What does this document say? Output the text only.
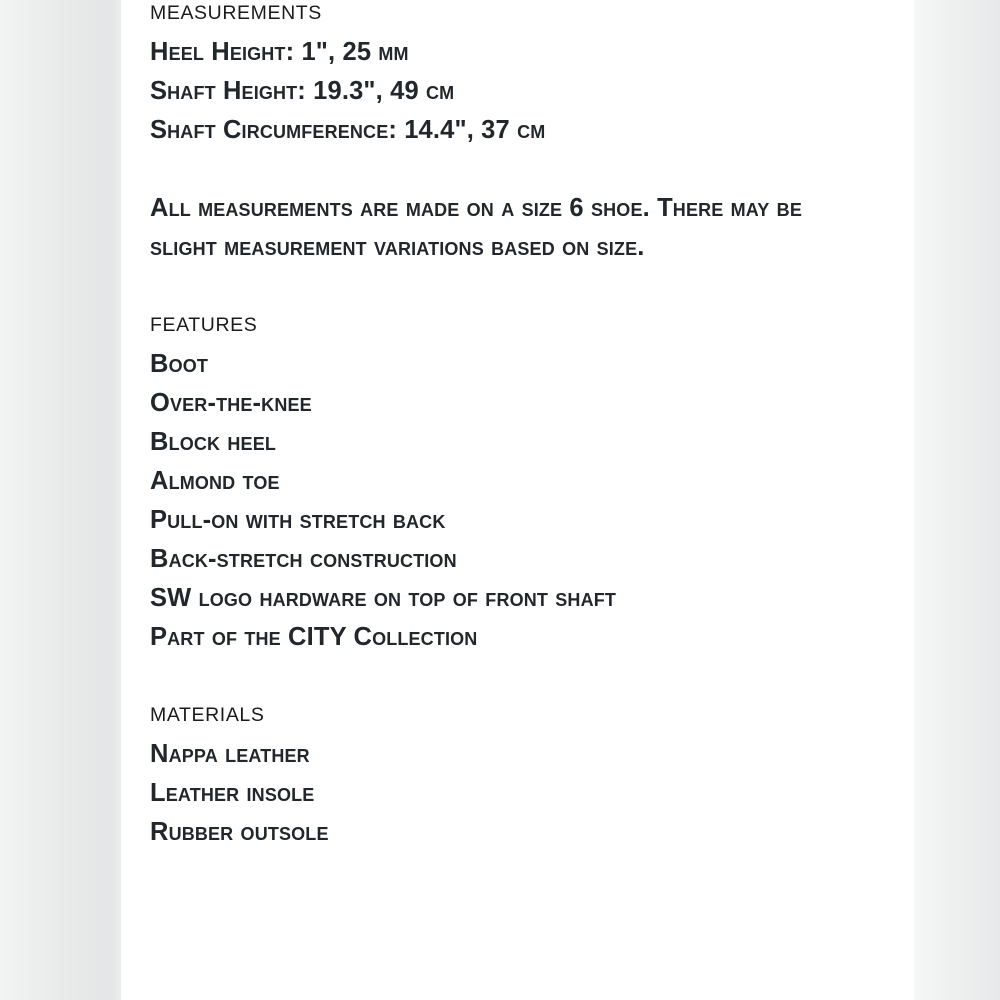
MEASUREMENTS
Heel Height: 1", 25 mm
Shaft Height: 19.3", 49 cm
Shaft Circumference: 14.4", 37 cm

All measurements are made on a size 6 shoe. There may be slight measurement variations based on size.

FEATURES
Boot
Over-the-knee
Block heel
Almond toe
Pull-on with stretch back
Back-stretch construction
SW logo hardware on top of front shaft
Part of the CITY Collection
MATERIALS
Nappa leather
Leather insole
Rubber outsole
